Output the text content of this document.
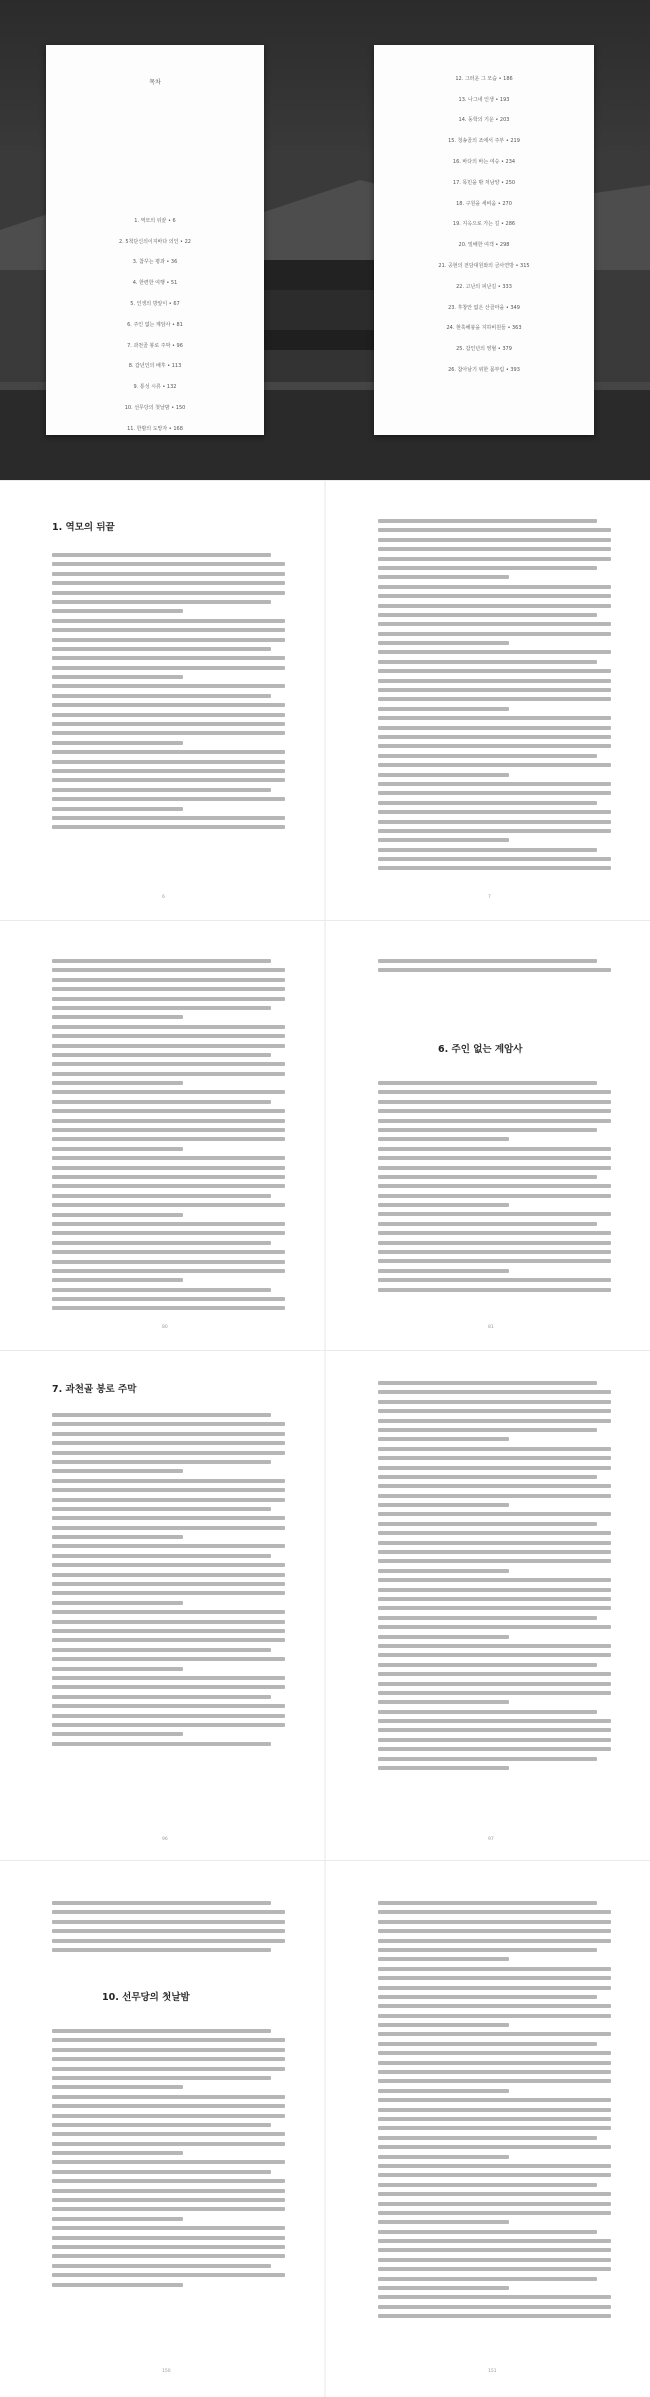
목차
1. 역모의 뒤끝 • 6
2. 5척단신의이지바다 의인 • 22
3. 참꾸는 평과 • 36
4. 한련한 여행 • 51
5. 인생의 방앞이 • 67
6. 주인 없는 계암사 • 81
7. 과천골 봉로 주막 • 96
8. 갑년인의 배후 • 113
9. 통성 시류 • 132
10. 선무당의 첫날밤 • 150
11. 한밤의 도망자 • 168
12. 그러운 그 모습 • 186
13. 나그네 인생 • 193
14. 동학의 기운 • 203
15. 청송골의 조에서 주부 • 219
16. 바다의 바는 여승 • 234
17. 목민을 밖 처남양 • 250
18. 구원을 세비움 • 270
19. 지옥으로 가는 길 • 286
20. 밀배한 여객 • 298
21. 공현의 전담대원와의 금사연방 • 315
22. 고난의 피난길 • 333
23. 후창안 없은 산골마을 • 349
24. 현혹해붕을 지하비원들 • 363
25. 갑인년의 영혈 • 379
26. 참아남기 위한 몸부림 • 393
1. 역모의 뒤끝
6	7
80
6. 주인 없는 계암사
81
7. 과천골 봉로 주막
96	97
10. 선무당의 첫날밤
150	151
